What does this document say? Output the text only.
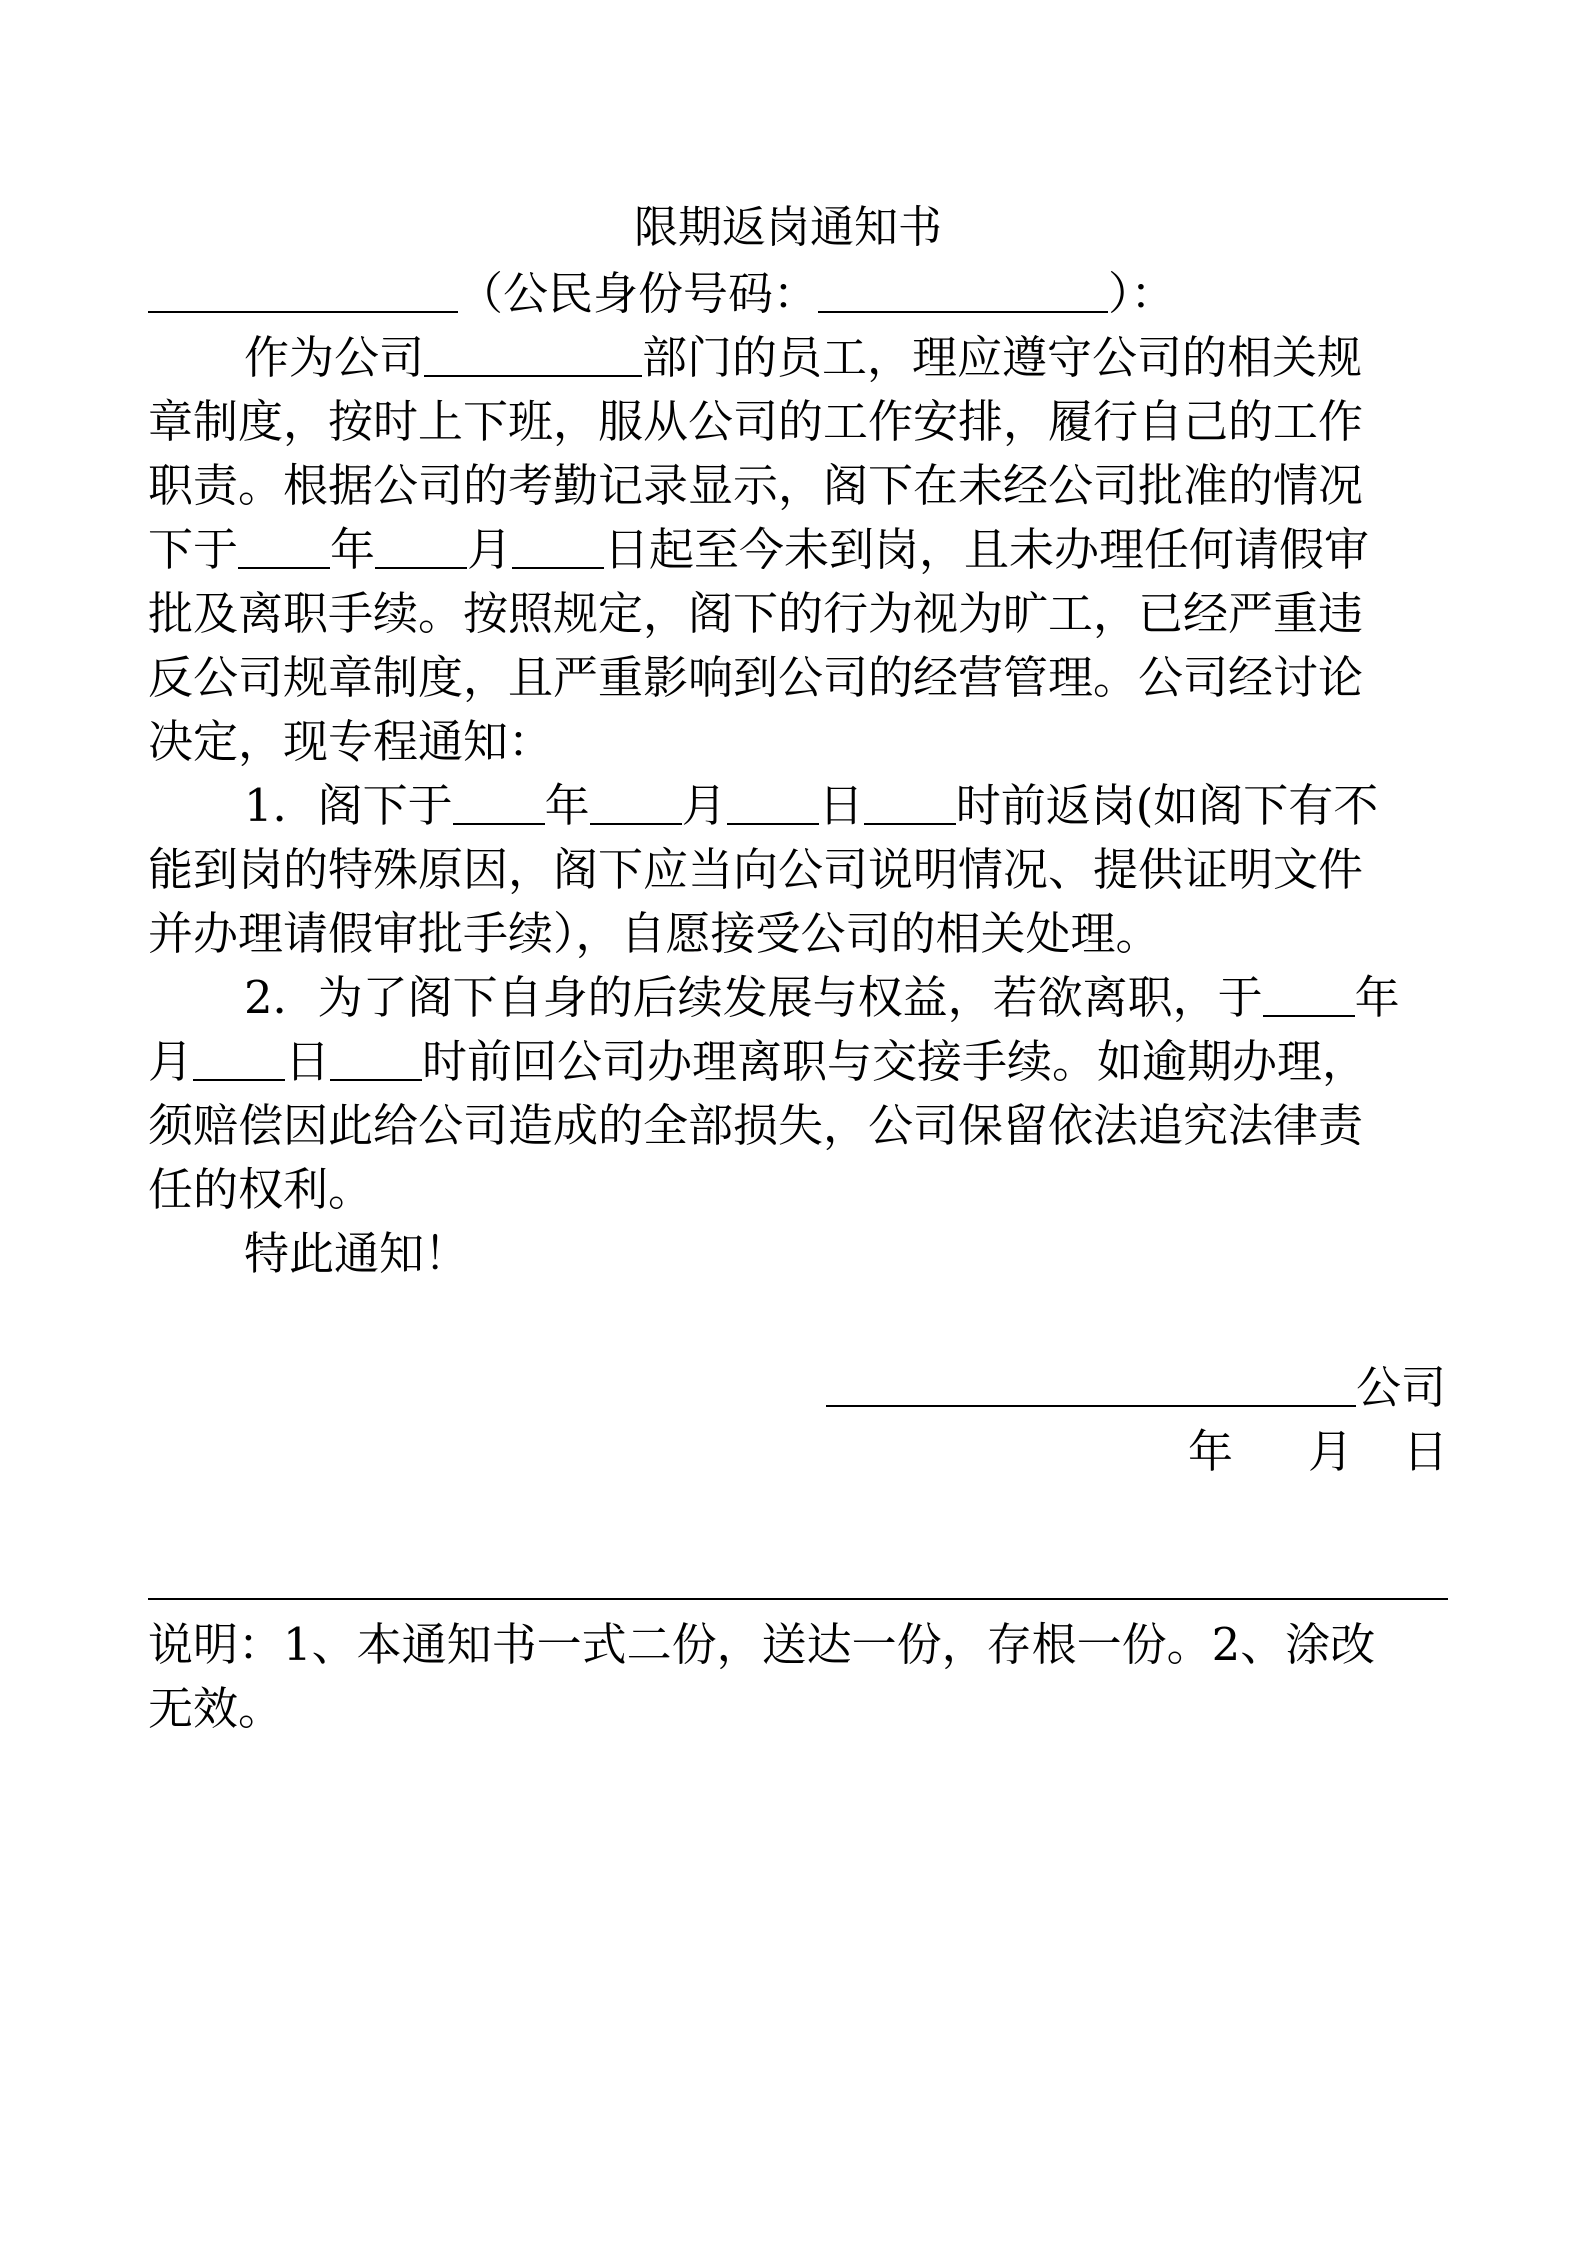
限期返岗通知书
（公民身份号码：	）：
作为公司	部门的员工，理应遵守公司的相关规
章制度，按时上下班，服从公司的工作安排，履行自己的工作
职责。根据公司的考勤记录显示，阁下在未经公司批准的情况
下于 年 月 日起至今未到岗，且未办理任何请假审
批及离职手续。按照规定，阁下的行为视为旷工，已经严重违
反公司规章制度，且严重影响到公司的经营管理。公司经讨论
决定，现专程通知：
1．阁下于 年 月 日 时前返岗(如阁下有不
能到岗的特殊原因，阁下应当向公司说明情况、提供证明文件
并办理请假审批手续），自愿接受公司的相关处理。
2．为了阁下自身的后续发展与权益，若欲离职，于 年
月 日 时前回公司办理离职与交接手续。如逾期办理，
须赔偿因此给公司造成的全部损失，公司保留依法追究法律责
任的权利。
特此通知！
公司
年 月 日
说明：1、本通知书一式二份，送达一份，存根一份。2、涂改
无效。
